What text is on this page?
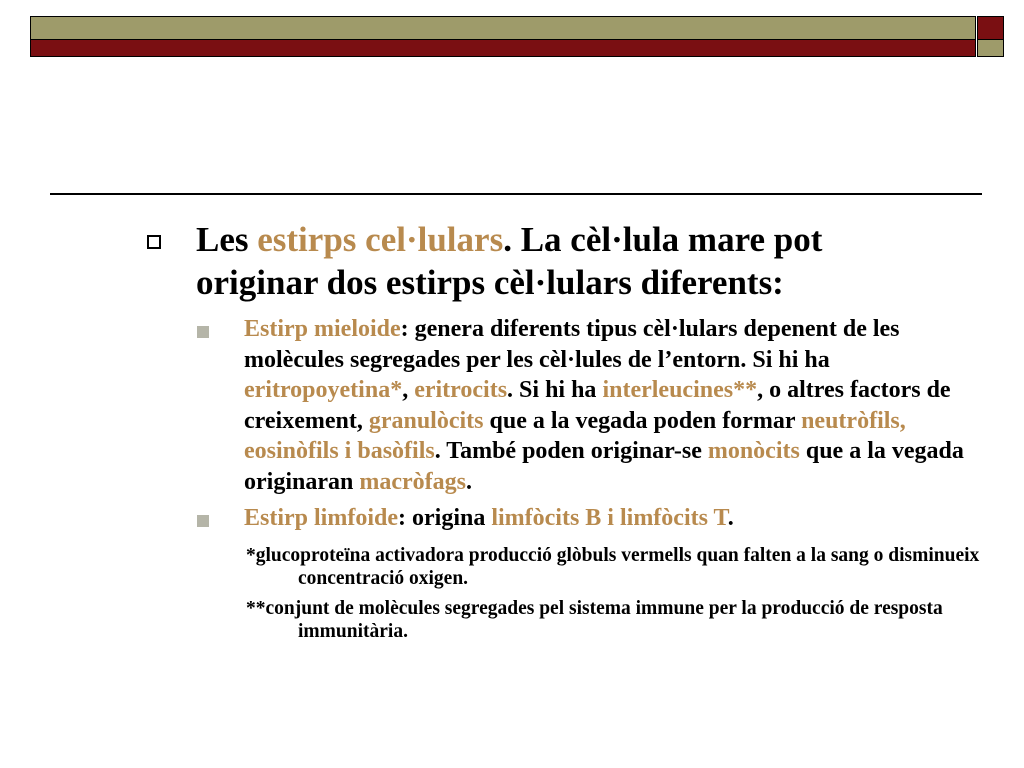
Les estirps cel·lulars. La cèl·lula mare pot originar dos estirps cèl·lulars diferents:
Estirp mieloide: genera diferents tipus cèl·lulars depenent de les molècules segregades per les cèl·lules de l’entorn. Si hi ha eritropoyetina*, eritrocits. Si hi ha interleucines**, o altres factors de creixement, granulòcits que a la vegada poden formar neutròfils, eosinòfils i basòfils. També poden originar-se monòcits que a la vegada originaran macròfags.
Estirp limfoide: origina limfòcits B i limfòcits T.
*glucoproteïna activadora producció glòbuls vermells quan falten a la sang o disminueix concentració oxigen.
**conjunt de molècules segregades pel sistema immune per la producció de resposta immunitària.
